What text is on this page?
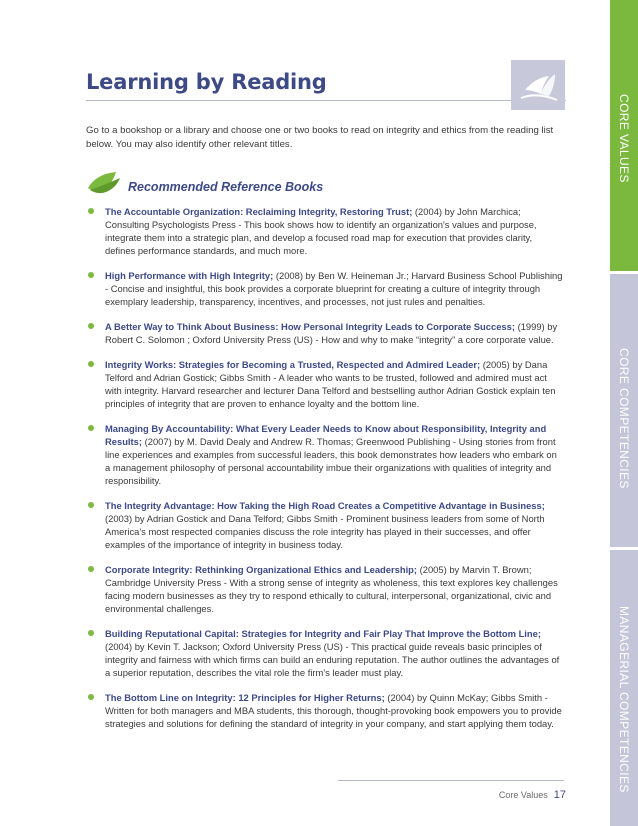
Learning by Reading

Go to a bookshop or a library and choose one or two books to read on integrity and ethics from the reading list below. You may also identify other relevant titles.

Recommended Reference Books
The Accountable Organization: Reclaiming Integrity, Restoring Trust; (2004) by John Marchica; Consulting Psychologists Press - This book shows how to identify an organization's values and purpose, integrate them into a strategic plan, and develop a focused road map for execution that provides clarity, defines performance standards, and much more.
High Performance with High Integrity; (2008) by Ben W. Heineman Jr.; Harvard Business School Publishing - Concise and insightful, this book provides a corporate blueprint for creating a culture of integrity through exemplary leadership, transparency, incentives, and processes, not just rules and penalties.
A Better Way to Think About Business: How Personal Integrity Leads to Corporate Success; (1999) by Robert C. Solomon ; Oxford University Press (US) - How and why to make “integrity” a core corporate value.
Integrity Works: Strategies for Becoming a Trusted, Respected and Admired Leader; (2005) by Dana Telford and Adrian Gostick; Gibbs Smith - A leader who wants to be trusted, followed and admired must act with integrity. Harvard researcher and lecturer Dana Telford and bestselling author Adrian Gostick explain ten principles of integrity that are proven to enhance loyalty and the bottom line.
Managing By Accountability: What Every Leader Needs to Know about Responsibility, Integrity and Results; (2007) by M. David Dealy and Andrew R. Thomas; Greenwood Publishing - Using stories from front line experiences and examples from successful leaders, this book demonstrates how leaders who embark on a management philosophy of personal accountability imbue their organizations with qualities of integrity and responsibility.
The Integrity Advantage: How Taking the High Road Creates a Competitive Advantage in Business; (2003) by Adrian Gostick and Dana Telford; Gibbs Smith - Prominent business leaders from some of North America's most respected companies discuss the role integrity has played in their successes, and offer examples of the importance of integrity in business today.
Corporate Integrity: Rethinking Organizational Ethics and Leadership; (2005) by Marvin T. Brown; Cambridge University Press - With a strong sense of integrity as wholeness, this text explores key challenges facing modern businesses as they try to respond ethically to cultural, interpersonal, organizational, civic and environmental challenges.
Building Reputational Capital: Strategies for Integrity and Fair Play That Improve the Bottom Line; (2004) by Kevin T. Jackson; Oxford University Press (US) - This practical guide reveals basic principles of integrity and fairness with which firms can build an enduring reputation. The author outlines the advantages of a superior reputation, describes the vital role the firm's leader must play.
The Bottom Line on Integrity: 12 Principles for Higher Returns; (2004) by Quinn McKay; Gibbs Smith - Written for both managers and MBA students, this thorough, thought-provoking book empowers you to provide strategies and solutions for defining the standard of integrity in your company, and start applying them today.
Core Values 17
CORE VALUES
CORE COMPETENCIES
MANAGERIAL COMPETENCIES
